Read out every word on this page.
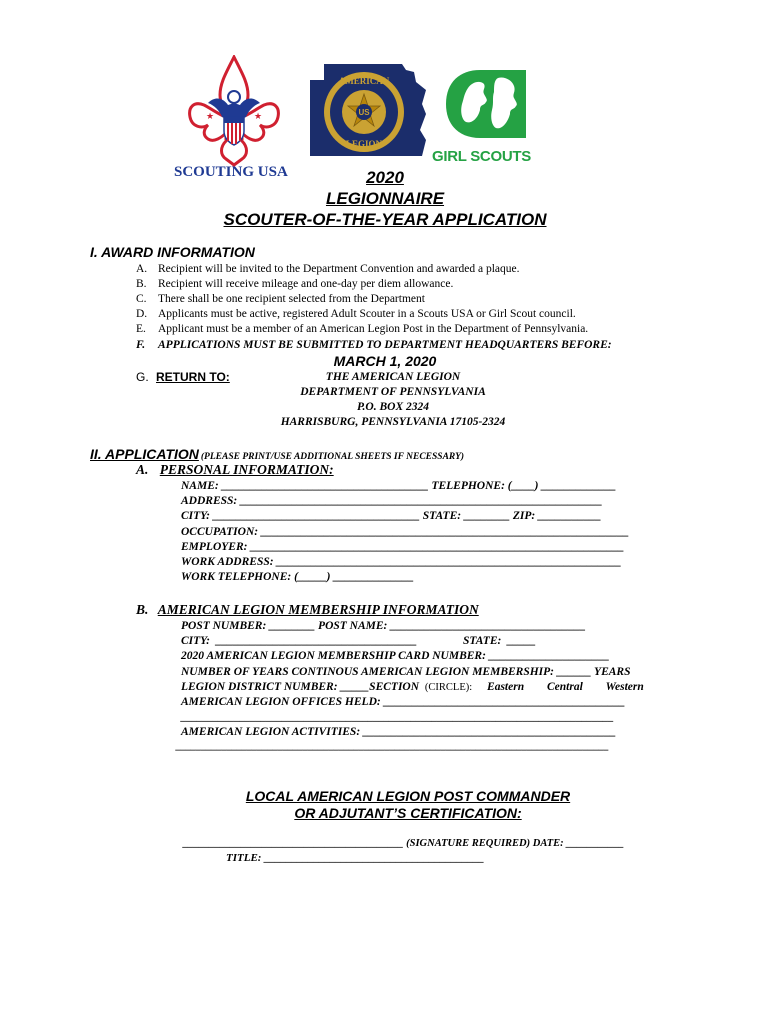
★	★
SCOUTING USA
US
AMERICAN
LEGION
GIRL SCOUTS
2020
LEGIONNAIRE
SCOUTER-OF-THE-YEAR APPLICATION
I. AWARD INFORMATION
A. Recipient will be invited to the Department Convention and awarded a plaque.
B. Recipient will receive mileage and one-day per diem allowance.
C. There shall be one recipient selected from the Department
D. Applicants must be active, registered Adult Scouter in a Scouts USA or Girl Scout council.
E. Applicant must be a member of an American Legion Post in the Department of Pennsylvania.
F. APPLICATIONS MUST BE SUBMITTED TO DEPARTMENT HEADQUARTERS BEFORE:
MARCH 1, 2020
G. RETURN TO:	THE AMERICAN LEGION
DEPARTMENT OF PENNSYLVANIA
P.O. BOX 2324
HARRISBURG, PENNSYLVANIA 17105-2324
II. APPLICATION (PLEASE PRINT/USE ADDITIONAL SHEETS IF NECESSARY)
A. PERSONAL INFORMATION:
NAME: ____________________________________ TELEPHONE: (____) _____________
ADDRESS: _______________________________________________________________
CITY: ____________________________________ STATE: ________ ZIP: ___________
OCCUPATION: ________________________________________________________________
EMPLOYER: _________________________________________________________________
WORK ADDRESS: ____________________________________________________________
WORK TELEPHONE: (_____) ______________
B. AMERICAN LEGION MEMBERSHIP INFORMATION
POST NUMBER: ________ POST NAME: __________________________________
CITY:  ___________________________________                STATE:  _____
2020 AMERICAN LEGION MEMBERSHIP CARD NUMBER: _____________________
NUMBER OF YEARS CONTINOUS AMERICAN LEGION MEMBERSHIP: ______ YEARS
LEGION DISTRICT NUMBER: _____SECTION (CIRCLE): Eastern Central Western
AMERICAN LEGION OFFICES HELD: __________________________________________
_________________________________________________________________________________
AMERICAN LEGION ACTIVITIES: ____________________________________________
_____________________________________________________________________________________
LOCAL AMERICAN LEGION POST COMMANDER
OR ADJUTANT’S CERTIFICATION:
__________________________________________ (SIGNATURE REQUIRED) DATE: ___________
TITLE: ________________________________________
